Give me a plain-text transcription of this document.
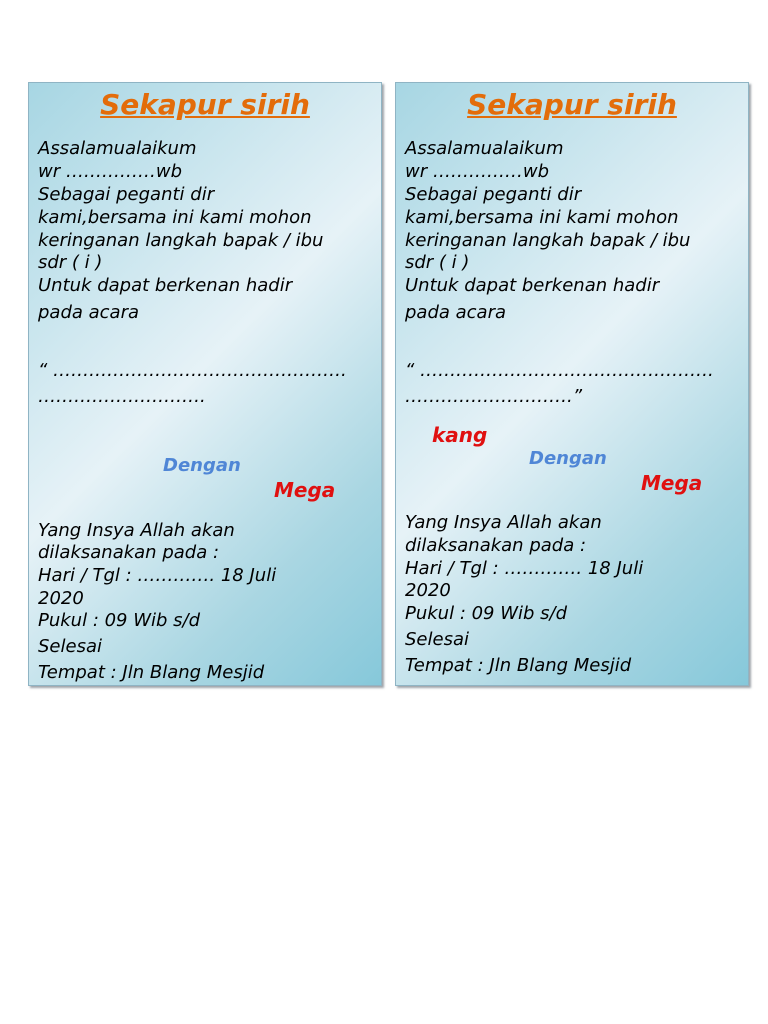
Sekapur sirih

Assalamualaikum

wr ……………wb

Sebagai peganti dir

kami,bersama ini kami mohon

keringanan langkah bapak / ibu

sdr ( i )

Untuk dapat berkenan hadir

pada acara

“ ………………………………………….

……………………….

Dengan

Mega

Yang Insya Allah akan

dilaksanakan pada :

Hari / Tgl : …………. 18 Juli

2020

Pukul : 09 Wib s/d

Selesai

Tempat : Jln Blang Mesjid

Sekapur sirih

Assalamualaikum

wr ……………wb

Sebagai peganti dir

kami,bersama ini kami mohon

keringanan langkah bapak / ibu

sdr ( i )

Untuk dapat berkenan hadir

pada acara

“ ………………………………………….

……………………….”

kang

Dengan

Mega

Yang Insya Allah akan

dilaksanakan pada :

Hari / Tgl : …………. 18 Juli

2020

Pukul : 09 Wib s/d

Selesai

Tempat : Jln Blang Mesjid
